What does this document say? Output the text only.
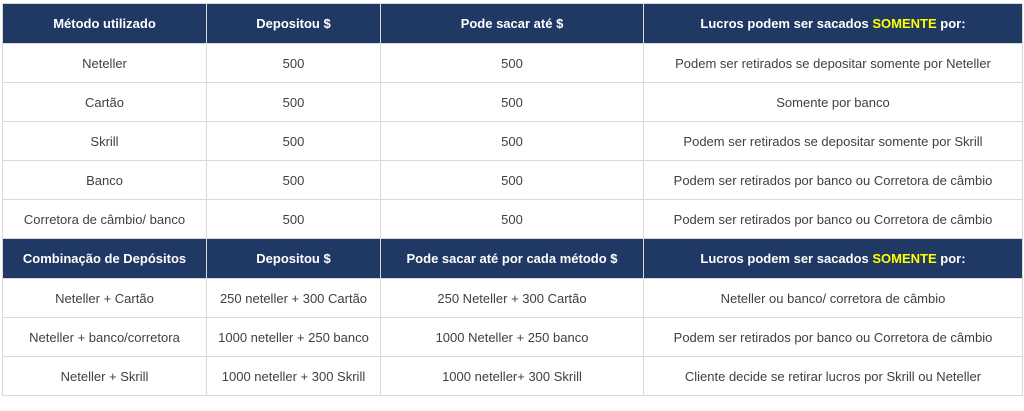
Método utilizado	Depositou $	Pode sacar até $	Lucros podem ser sacados SOMENTE por:
Neteller	500	500	Podem ser retirados se depositar somente por Neteller
Cartão	500	500	Somente por banco
Skrill	500	500	Podem ser retirados se depositar somente por Skrill
Banco	500	500	Podem ser retirados por banco ou Corretora de câmbio
Corretora de câmbio/ banco	500	500	Podem ser retirados por banco ou Corretora de câmbio
Combinação de Depósitos	Depositou $	Pode sacar até por cada método $	Lucros podem ser sacados SOMENTE por:
Neteller + Cartão	250 neteller + 300 Cartão	250 Neteller + 300 Cartão	Neteller ou banco/ corretora de câmbio
Neteller + banco/corretora	1000 neteller + 250 banco	1000 Neteller + 250 banco	Podem ser retirados por banco ou Corretora de câmbio
Neteller + Skrill	1000 neteller + 300 Skrill	1000 neteller+ 300 Skrill	Cliente decide se retirar lucros por Skrill ou Neteller
